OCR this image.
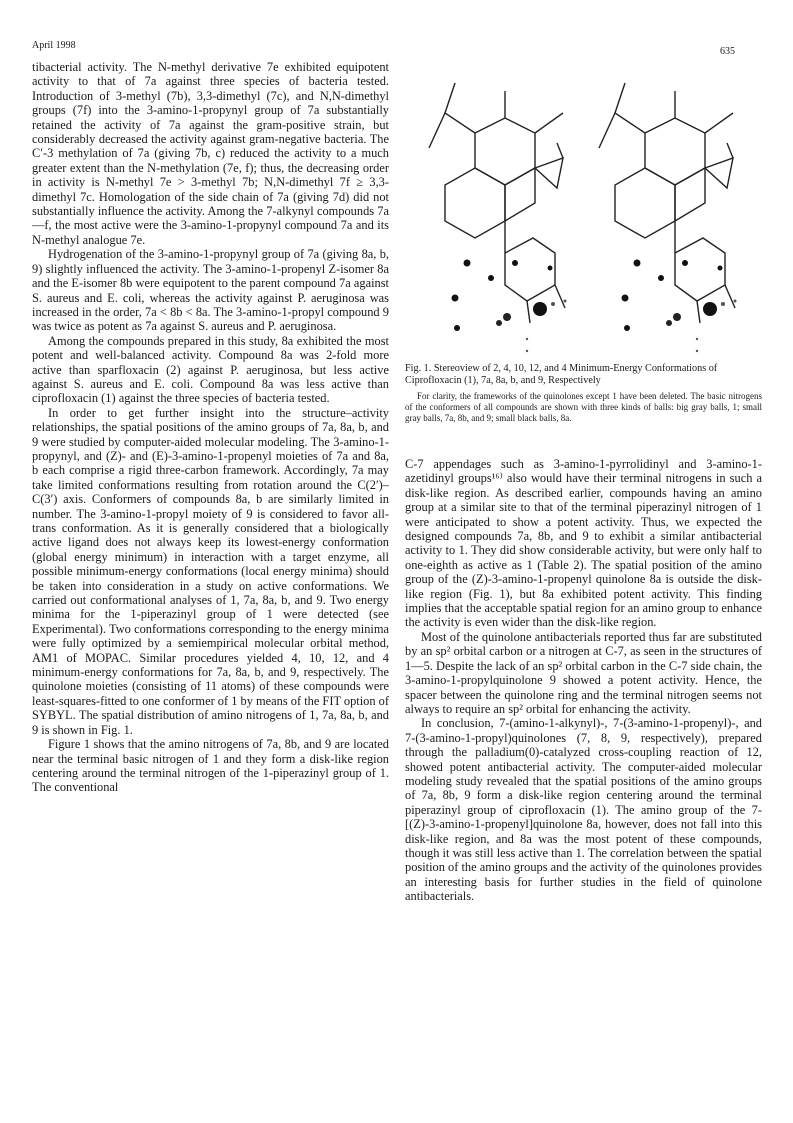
April 1998
635

tibacterial activity. The N-methyl derivative 7e exhibited equipotent activity to that of 7a against three species of bacteria tested. Introduction of 3-methyl (7b), 3,3-dimethyl (7c), and N,N-dimethyl groups (7f) into the 3-amino-1-propynyl group of 7a substantially retained the activity of 7a against the gram-positive strain, but considerably decreased the activity against gram-negative bacteria. The C′-3 methylation of 7a (giving 7b, c) reduced the activity to a much greater extent than the N-methylation (7e, f); thus, the decreasing order in activity is N-methyl 7e > 3-methyl 7b; N,N-dimethyl 7f ≥ 3,3-dimethyl 7c. Homologation of the side chain of 7a (giving 7d) did not substantially influence the activity. Among the 7-alkynyl compounds 7a—f, the most active were the 3-amino-1-propynyl compound 7a and its N-methyl analogue 7e.

Hydrogenation of the 3-amino-1-propynyl group of 7a (giving 8a, b, 9) slightly influenced the activity. The 3-amino-1-propenyl Z-isomer 8a and the E-isomer 8b were equipotent to the parent compound 7a against S. aureus and E. coli, whereas the activity against P. aeruginosa was increased in the order, 7a < 8b < 8a. The 3-amino-1-propyl compound 9 was twice as potent as 7a against S. aureus and P. aeruginosa.

Among the compounds prepared in this study, 8a exhibited the most potent and well-balanced activity. Compound 8a was 2-fold more active than sparfloxacin (2) against P. aeruginosa, but less active against S. aureus and E. coli. Compound 8a was less active than ciprofloxacin (1) against the three species of bacteria tested.

In order to get further insight into the structure–activity relationships, the spatial positions of the amino groups of 7a, 8a, b, and 9 were studied by computer-aided molecular modeling. The 3-amino-1-propynyl, and (Z)- and (E)-3-amino-1-propenyl moieties of 7a and 8a, b each comprise a rigid three-carbon framework. Accordingly, 7a may take limited conformations resulting from rotation around the C(2′)–C(3′) axis. Conformers of compounds 8a, b are similarly limited in number. The 3-amino-1-propyl moiety of 9 is considered to favor all-trans conformation. As it is generally considered that a biologically active ligand does not always keep its lowest-energy conformation (global energy minimum) in interaction with a target enzyme, all possible minimum-energy conformations (local energy minima) should be taken into consideration in a study on active conformations. We carried out conformational analyses of 1, 7a, 8a, b, and 9. Two energy minima for the 1-piperazinyl group of 1 were detected (see Experimental). Two conformations corresponding to the energy minima were fully optimized by a semiempirical molecular orbital method, AM1 of MOPAC. Similar procedures yielded 4, 10, 12, and 4 minimum-energy conformations for 7a, 8a, b, and 9, respectively. The quinolone moieties (consisting of 11 atoms) of these compounds were least-squares-fitted to one conformer of 1 by means of the FIT option of SYBYL. The spatial distribution of amino nitrogens of 1, 7a, 8a, b, and 9 is shown in Fig. 1.

Figure 1 shows that the amino nitrogens of 7a, 8b, and 9 are located near the terminal basic nitrogen of 1 and they form a disk-like region centering around the terminal nitrogen of the 1-piperazinyl group of 1. The conventional

Fig. 1. Stereoview of 2, 4, 10, 12, and 4 Minimum-Energy Conformations of Ciprofloxacin (1), 7a, 8a, b, and 9, Respectively

For clarity, the frameworks of the quinolones except 1 have been deleted. The basic nitrogens of the conformers of all compounds are shown with three kinds of balls: big gray balls, 1; small gray balls, 7a, 8b, and 9; small black balls, 8a.

C-7 appendages such as 3-amino-1-pyrrolidinyl and 3-amino-1-azetidinyl groups¹⁶⁾ also would have their terminal nitrogens in such a disk-like region. As described earlier, compounds having an amino group at a similar site to that of the terminal piperazinyl nitrogen of 1 were anticipated to show a potent activity. Thus, we expected the designed compounds 7a, 8b, and 9 to exhibit a similar antibacterial activity to 1. They did show considerable activity, but were only half to one-eighth as active as 1 (Table 2). The spatial position of the amino group of the (Z)-3-amino-1-propenyl quinolone 8a is outside the disk-like region (Fig. 1), but 8a exhibited potent activity. This finding implies that the acceptable spatial region for an amino group to enhance the activity is even wider than the disk-like region.

Most of the quinolone antibacterials reported thus far are substituted by an sp² orbital carbon or a nitrogen at C-7, as seen in the structures of 1—5. Despite the lack of an sp² orbital carbon in the C-7 side chain, the 3-amino-1-propylquinolone 9 showed a potent activity. Hence, the spacer between the quinolone ring and the terminal nitrogen seems not always to require an sp² orbital for enhancing the activity.

In conclusion, 7-(amino-1-alkynyl)-, 7-(3-amino-1-propenyl)-, and 7-(3-amino-1-propyl)quinolones (7, 8, 9, respectively), prepared through the palladium(0)-catalyzed cross-coupling reaction of 12, showed potent antibacterial activity. The computer-aided molecular modeling study revealed that the spatial positions of the amino groups of 7a, 8b, 9 form a disk-like region centering around the terminal piperazinyl group of ciprofloxacin (1). The amino group of the 7-[(Z)-3-amino-1-propenyl]quinolone 8a, however, does not fall into this disk-like region, and 8a was the most potent of these compounds, though it was still less active than 1. The correlation between the spatial position of the amino groups and the activity of the quinolones provides an interesting basis for further studies in the field of quinolone antibacterials.
